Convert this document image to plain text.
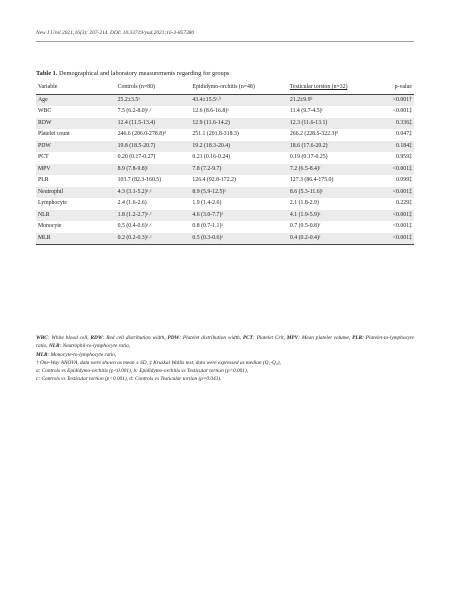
New J Urol 2021;16(3): 207-214. DOI: 10.33719/yud.2021;16-3-857380
Table 1. Demographical and laboratory measurements regarding for groups
Variable	Controls (n=80)	Epididymo-orchitis (n=48)	Testicular torsion (n=32)	p-value
Age	25.2±3.5ᵃ	43.4±15.5ᵃ˒ᵇ	21.2±9.9ᵇ	<0.001†
WBC	7.5 (6.2-8.0)ᵃ˒ᶜ	12.6 (8.6-16.8)ᵃ	11.4 (9.7-4.5)ᶜ	<0.001‡
RDW	12.4 (11.5-13.4)	12.9 (11.6-14.2)	12.3 (11.6-13.1)	0.336‡
Platelet count	246.6 (206.0-278.8)ᵈ	251.1 (201.8-318.3)	266.2 (228.5-322.3)ᵈ	0.047‡
PDW	19.8 (18.5-20.7)	19.2 (18.3-20.4)	18.6 (17.6-20.2)	0.184‡
PCT	0.20 (0.17-0.27)	0.21 (0.16-0.24)	0.19 (0.17-0.25)	0.959‡
MPV	8.9 (7.8-9.8)ᶜ	7.8 (7.2-9.7)	7.2 (6.5-8.4)ᶜ	<0.001‡
PLR	103.7 (82.3-160.5)	126.4 (92.8-172.2)	127.3 (86.4-175.0)	0.099‡
Neutrophil	4.3 (3.1-5.2)ᵃ˒ᶜ	8.9 (5.9-12.5)ᵃ	8.6 (5.3-11.6)ᶜ	<0.001‡
Lymphocyte	2.4 (1.6-2.6)	1.9 (1.4-2.6)	2.1 (1.8-2.9)	0.229‡
NLR	1.8 (1.2-2.7)ᵃ˒ᶜ	4.6 (3.0-7.7)ᵃ	4.1 (1.9-5.9)ᶜ	<0.001‡
Monocyte	0.5 (0.4-0.6)ᵃ˒ᶜ	0.8 (0.7-1.1)ᵃ	0.7 (0.5-0.8)ᶜ	<0.001‡
MLR	0.2 (0.2-0.3)ᵃ˒ᶜ	0.5 (0.3-0.6)ᵃ	0.4 (0.2-0.4)ᶜ	<0.001‡
WBC: White blood cell, RDW: Red cell distribution width, PDW: Platelet distribution width, PCT: Platelet Crit, MPV: Mean platelet volume, PLR: Platelet-to-lymphocyte ratio, NLR: Neutrophil-to-lymphocyte ratio,
MLR: Monocyte-to-lymphocyte ratio,
† One-Way ANOVA, data were shown as mean ± SD, ‡ Kruskal Wallis test, data were expressed as median (Q₁-Q₃),
a: Controls vs Epididymo-orchitis (p<0.001), b: Epididymo-orchitis vs Testicular tortion (p<0.001),
c: Controls vs Testicular tortion (p<0.001), d: Controls vs Testicular tortion (p=0.043).
